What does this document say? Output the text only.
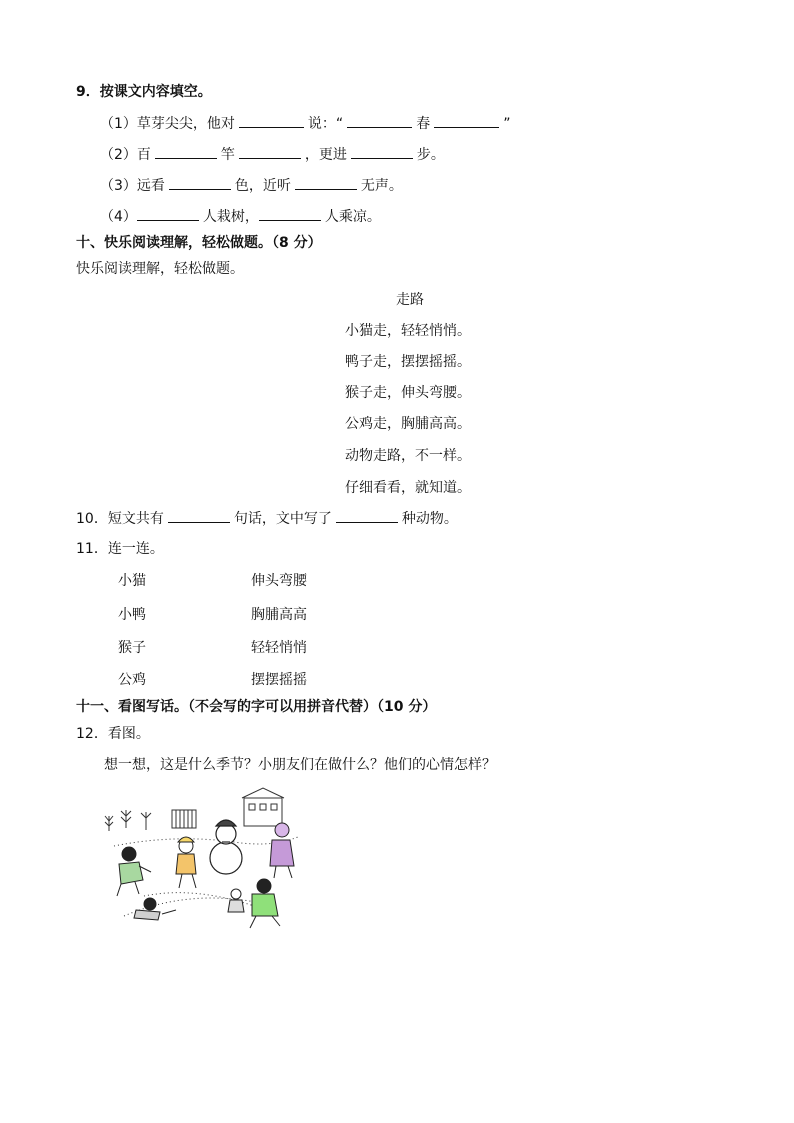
9．按课文内容填空。
（1）草芽尖尖，他对	说：“	春	”
（2）百	竿	，更进	步。
（3）远看	色，近听	无声。
（4）	人栽树，	人乘凉。
十、快乐阅读理解，轻松做题。（8 分）
快乐阅读理解，轻松做题。
走路
小猫走，轻轻悄悄。
鸭子走，摆摆摇摇。
猴子走，伸头弯腰。
公鸡走，胸脯高高。
动物走路，不一样。
仔细看看，就知道。
10．短文共有	句话，文中写了	种动物。
11．连一连。
小猫	伸头弯腰
小鸭	胸脯高高
猴子	轻轻悄悄
公鸡	摆摆摇摇
十一、看图写话。（不会写的字可以用拼音代替）（10 分）
12．看图。
想一想，这是什么季节？小朋友们在做什么？他们的心情怎样？
